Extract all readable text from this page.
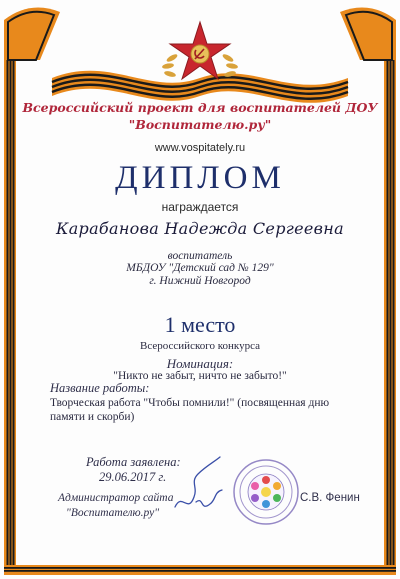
Всероссийский проект для воспитателей ДОУ
"Воспитателю.ру"
www.vospitately.ru
ДИПЛОМ
награждается
Карабанова Надежда Сергеевна
воспитатель
МБДОУ "Детский сад № 129"
г. Нижний Новгород
1 место
Всероссийского конкурса
Номинация:
"Никто не забыт, ничто не забыто!"
Название работы:
Творческая работа "Чтобы помнили!" (посвященная дню памяти и скорби)
Работа заявлена:
29.06.2017 г.
Администратор сайта
"Воспитателю.ру"
С.В. Фенин
